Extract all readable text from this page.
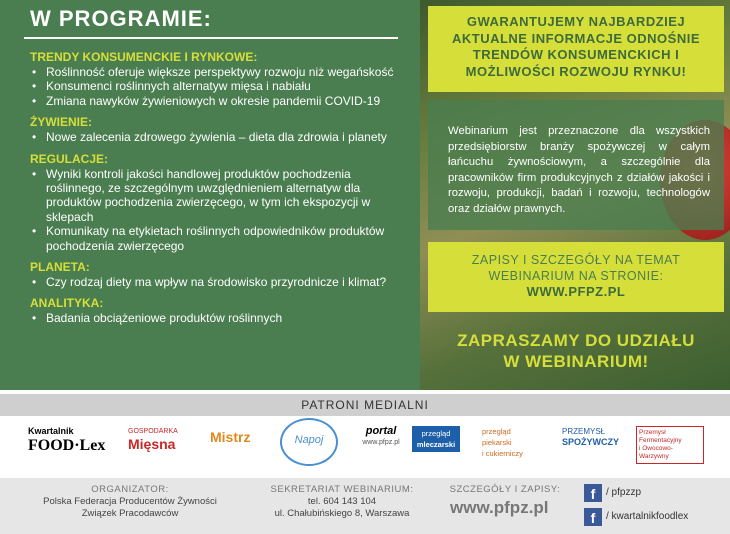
W PROGRAMIE:

TRENDY KONSUMENCKIE I RYNKOWE:

• Roślinność oferuje większe perspektywy rozwoju niż wegańskość
• Konsumenci roślinnych alternatyw mięsa i nabiału
• Zmiana nawyków żywieniowych w okresie pandemii COVID-19

ŻYWIENIE:

• Nowe zalecenia zdrowego żywienia – dieta dla zdrowia i planety

REGULACJE:

• Wyniki kontroli jakości handlowej produktów pochodzenia roślinnego, ze szczególnym uwzględnieniem alternatyw dla produktów pochodzenia zwierzęcego, w tym ich ekspozycji w sklepach
• Komunikaty na etykietach roślinnych odpowiedników produktów pochodzenia zwierzęcego

PLANETA:

• Czy rodzaj diety ma wpływ na środowisko przyrodnicze i klimat?

ANALITYKA:

• Badania obciążeniowe produktów roślinnych

GWARANTUJEMY NAJBARDZIEJ AKTUALNE INFORMACJE ODNOŚNIE TRENDÓW KONSUMENCKICH I MOŻLIWOŚCI ROZWOJU RYNKU!

Webinarium jest przeznaczone dla wszystkich przedsiębiorstw branży spożywczej w całym łańcuchu żywnościowym, a szczególnie dla pracowników firm produkcyjnych z działów jakości i rozwoju, produkcji, badań i rozwoju, technologów oraz działów prawnych.

ZAPISY I SZCZEGÓŁY NA TEMAT
WEBINARIUM NA STRONIE:
WWW.PFPZ.PL
ZAPRASZAMY DO UDZIAŁU
W WEBINARIUM!
PATRONI MEDIALNI
Kwartalnik
FOOD·Lex
GOSPODARKA
Mięsna	Mistrz	Napoj
portal
www.pfpz.pl
przegląd
mleczarski
przegląd piekarski
i cukierniczy
PRZEMYSŁ
SPOŻYWCZY
Przemysł Fermentacyjny
i Owocowo-Warzywny
ORGANIZATOR:
Polska Federacja Producentów Żywności
Związek Pracodawców
SEKRETARIAT WEBINARIUM:
tel. 604 143 104
ul. Chałubińskiego 8, Warszawa
SZCZEGÓŁY I ZAPISY:
www.pfpz.pl
f	/ pfpzzp
f	/ kwartalnikfoodlex
